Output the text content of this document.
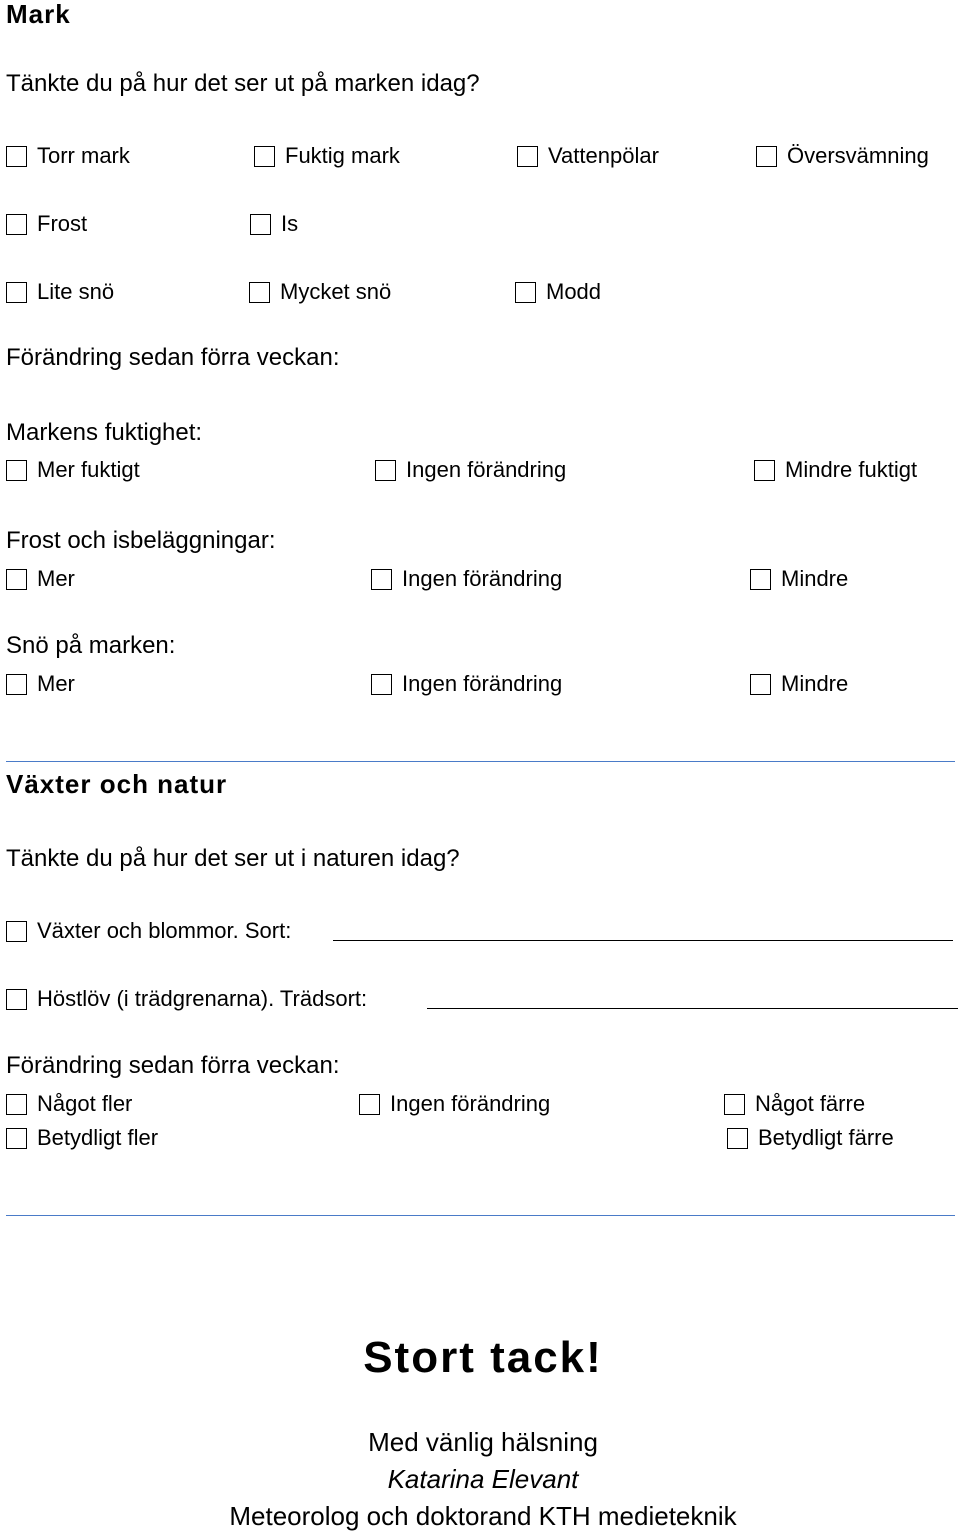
Mark
Tänkte du på hur det ser ut på marken idag?
Torr mark	Fuktig mark	Vattenpölar	Översvämning
Frost	Is
Lite snö	Mycket snö	Modd
Förändring sedan förra veckan:
Markens fuktighet:
Mer fuktigt	Ingen förändring	Mindre fuktigt
Frost och isbeläggningar:
Mer	Ingen förändring	Mindre
Snö på marken:
Mer	Ingen förändring	Mindre
Växter och natur
Tänkte du på hur det ser ut i naturen idag?
Växter och blommor. Sort:
Höstlöv (i trädgrenarna). Trädsort:
Förändring sedan förra veckan:
Något fler	Ingen förändring	Något färre
Betydligt fler	Betydligt färre
Stort tack!
Med vänlig hälsning
Katarina Elevant
Meteorolog och doktorand KTH medieteknik
